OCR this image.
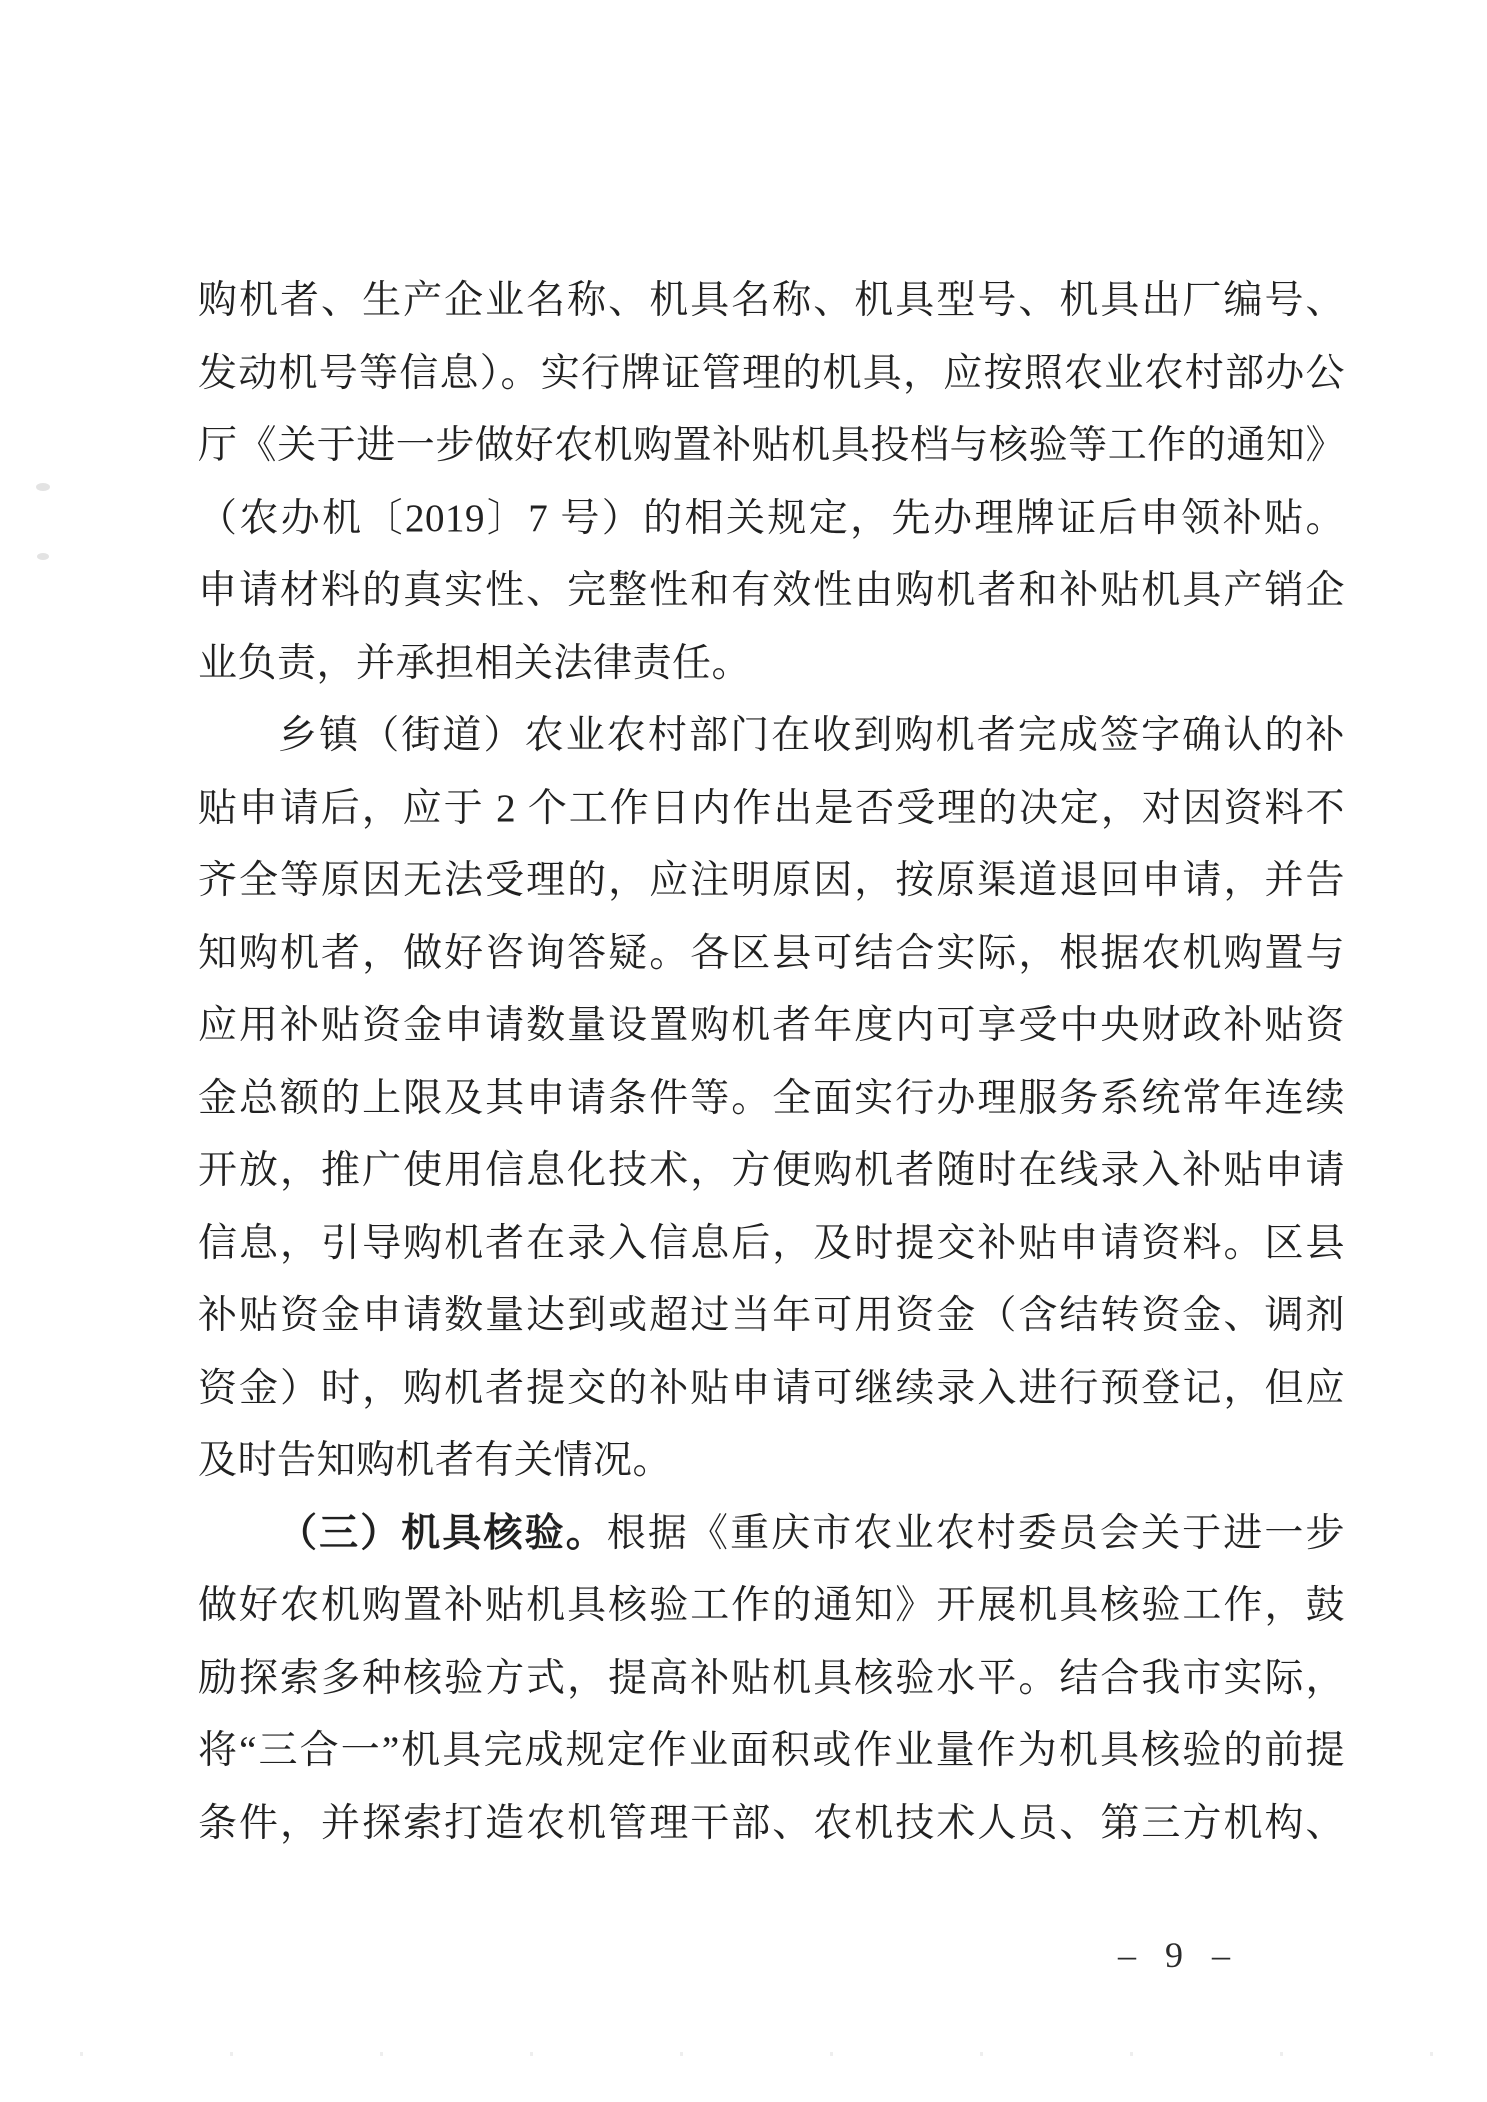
购机者、生产企业名称、机具名称、机具型号、机具出厂编号、
发动机号等信息）。实行牌证管理的机具，应按照农业农村部办公
厅《关于进一步做好农机购置补贴机具投档与核验等工作的通知》
（农办机〔2019〕7 号）的相关规定，先办理牌证后申领补贴。
申请材料的真实性、完整性和有效性由购机者和补贴机具产销企
业负责，并承担相关法律责任。
乡镇（街道）农业农村部门在收到购机者完成签字确认的补
贴申请后，应于 2 个工作日内作出是否受理的决定，对因资料不
齐全等原因无法受理的，应注明原因，按原渠道退回申请，并告
知购机者，做好咨询答疑。各区县可结合实际，根据农机购置与
应用补贴资金申请数量设置购机者年度内可享受中央财政补贴资
金总额的上限及其申请条件等。全面实行办理服务系统常年连续
开放，推广使用信息化技术，方便购机者随时在线录入补贴申请
信息，引导购机者在录入信息后，及时提交补贴申请资料。区县
补贴资金申请数量达到或超过当年可用资金（含结转资金、调剂
资金）时，购机者提交的补贴申请可继续录入进行预登记，但应
及时告知购机者有关情况。
（三）机具核验。根据《重庆市农业农村委员会关于进一步
做好农机购置补贴机具核验工作的通知》开展机具核验工作，鼓
励探索多种核验方式，提高补贴机具核验水平。结合我市实际，
将“三合一”机具完成规定作业面积或作业量作为机具核验的前提
条件，并探索打造农机管理干部、农机技术人员、第三方机构、
– 9 –
